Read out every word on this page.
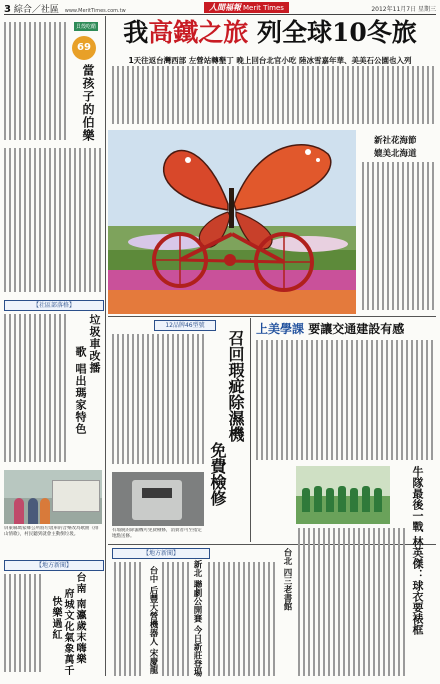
3 綜合／社區 www.MeritTimes.com.tw	人間福報 Merit Times	2012年11月7日 星期三
貝殼吃醋
69
當孩子的伯樂
【社區部落格】
垃圾車改播
歌 唱出瑪家特色
屏東縣瑪家鄉公所將垃圾車的音樂改為歌曲《排山情歌》，村民聽到就會主動倒垃圾。
【地方新聞】
台南 南瀛歲末嗨樂
府城文化氣象萬千
快樂過紅
我高鐵之旅 列全球10冬旅
1天往返台灣西部 左營站轉墾丁 晚上回台北官小吃 陸冰雪嘉年華、美美石公園也入列
新社花海節
媲美北海道
12品牌46型號
召回瑕疵除濕機
免費檢修
有瑕疵的除濕機可免費檢修，消費者可至指定地點送修。
上美學課 要讓交通建設有感
牛隊最後一戰 林英傑：球衣要裱框
【地方新聞】	台北 四三老書館
新北 聯劇公開賽 今日新莊登場
台中 后豐大營機器人 宋慶龍
